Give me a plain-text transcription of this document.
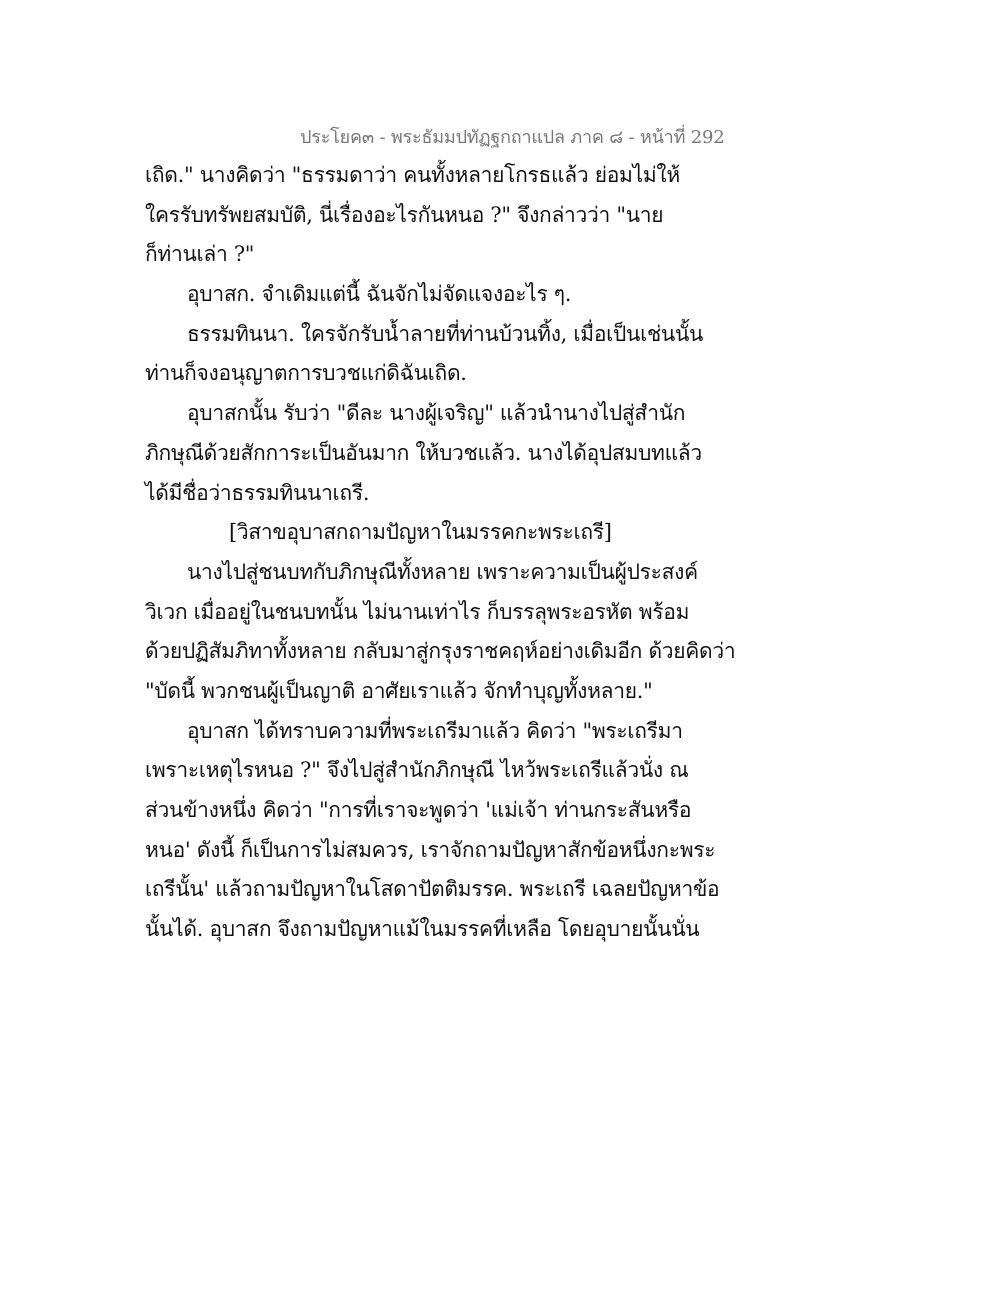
ประโยค๓ - พระธัมมปทัฏฐกถาแปล ภาค ๘ - หน้าที่ 292
เถิด." นางคิดว่า "ธรรมดาว่า คนทั้งหลายโกรธแล้ว ย่อมไม่ให้
ใครรับทรัพยสมบัติ, นี่เรื่องอะไรกันหนอ ?" จึงกล่าวว่า "นาย
ก็ท่านเล่า ?"
อุบาสก. จำเดิมแต่นี้ ฉันจักไม่จัดแจงอะไร ๆ.
ธรรมทินนา. ใครจักรับน้ำลายที่ท่านบ้วนทิ้ง, เมื่อเป็นเช่นนั้น
ท่านก็จงอนุญาตการบวชแก่ดิฉันเถิด.
อุบาสกนั้น รับว่า "ดีละ นางผู้เจริญ" แล้วนำนางไปสู่สำนัก
ภิกษุณีด้วยสักการะเป็นอันมาก ให้บวชแล้ว. นางได้อุปสมบทแล้ว
ได้มีชื่อว่าธรรมทินนาเถรี.
[วิสาขอุบาสกถามปัญหาในมรรคกะพระเถรี]
นางไปสู่ชนบทกับภิกษุณีทั้งหลาย เพราะความเป็นผู้ประสงค์
วิเวก เมื่ออยู่ในชนบทนั้น ไม่นานเท่าไร ก็บรรลุพระอรหัต พร้อม
ด้วยปฏิสัมภิทาทั้งหลาย กลับมาสู่กรุงราชคฤห์อย่างเดิมอีก ด้วยคิดว่า
"บัดนี้ พวกชนผู้เป็นญาติ อาศัยเราแล้ว จักทำบุญทั้งหลาย."
อุบาสก ได้ทราบความที่พระเถรีมาแล้ว คิดว่า "พระเถรีมา
เพราะเหตุไรหนอ ?" จึงไปสู่สำนักภิกษุณี ไหว้พระเถรีแล้วนั่ง ณ
ส่วนข้างหนึ่ง คิดว่า "การที่เราจะพูดว่า 'แม่เจ้า ท่านกระสันหรือ
หนอ' ดังนี้ ก็เป็นการไม่สมควร, เราจักถามปัญหาสักข้อหนึ่งกะพระ
เถรีนั้น' แล้วถามปัญหาในโสดาปัตติมรรค. พระเถรี เฉลยปัญหาข้อ
นั้นได้. อุบาสก จึงถามปัญหาแม้ในมรรคที่เหลือ โดยอุบายนั้นนั่น
